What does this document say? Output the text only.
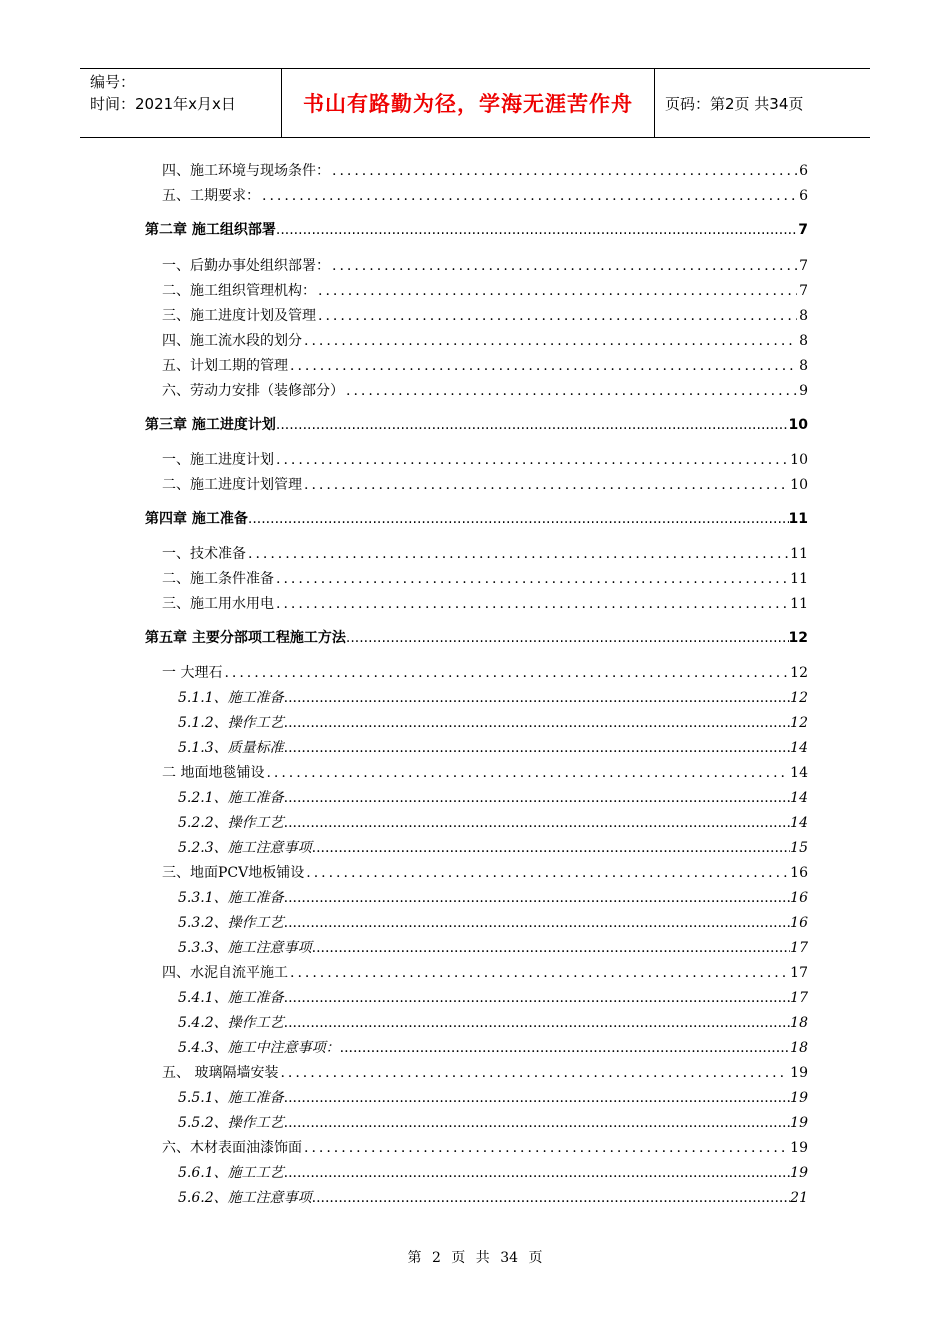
编号：
时间：2021年x月x日	书山有路勤为径，学海无涯苦作舟	页码：第2页 共34页
四、施工环境与现场条件： .....	6
五、工期要求： .....	6
第二章 施工组织部署 .....	7
一、后勤办事处组织部署： .....	7
二、施工组织管理机构： .....	7
三、施工进度计划及管理 .....	8
四、施工流水段的划分 .....	8
五、计划工期的管理 .....	8
六、劳动力安排（装修部分） .....	9
第三章 施工进度计划 .....	10
一、施工进度计划 .....	10
二、施工进度计划管理 .....	10
第四章 施工准备 .....	11
一、技术准备 .....	11
二、施工条件准备 .....	11
三、施工用水用电 .....	11
第五章 主要分部项工程施工方法 .....	12
一 大理石 .....	12
5.1.1、施工准备 .....	12
5.1.2、操作工艺 .....	12
5.1.3、质量标准 .....	14
二 地面地毯铺设 .....	14
5.2.1、施工准备 .....	14
5.2.2、操作工艺 .....	14
5.2.3、施工注意事项 .....	15
三、地面PCV地板铺设 .....	16
5.3.1、施工准备 .....	16
5.3.2、操作工艺 .....	16
5.3.3、施工注意事项 .....	17
四、水泥自流平施工 .....	17
5.4.1、施工准备 .....	17
5.4.2、操作工艺 .....	18
5.4.3、施工中注意事项： .....	18
五、 玻璃隔墙安装 .....	19
5.5.1、施工准备 .....	19
5.5.2、操作工艺 .....	19
六、木材表面油漆饰面 .....	19
5.6.1、施工工艺 .....	19
5.6.2、施工注意事项 .....	21
第 2 页 共 34 页
